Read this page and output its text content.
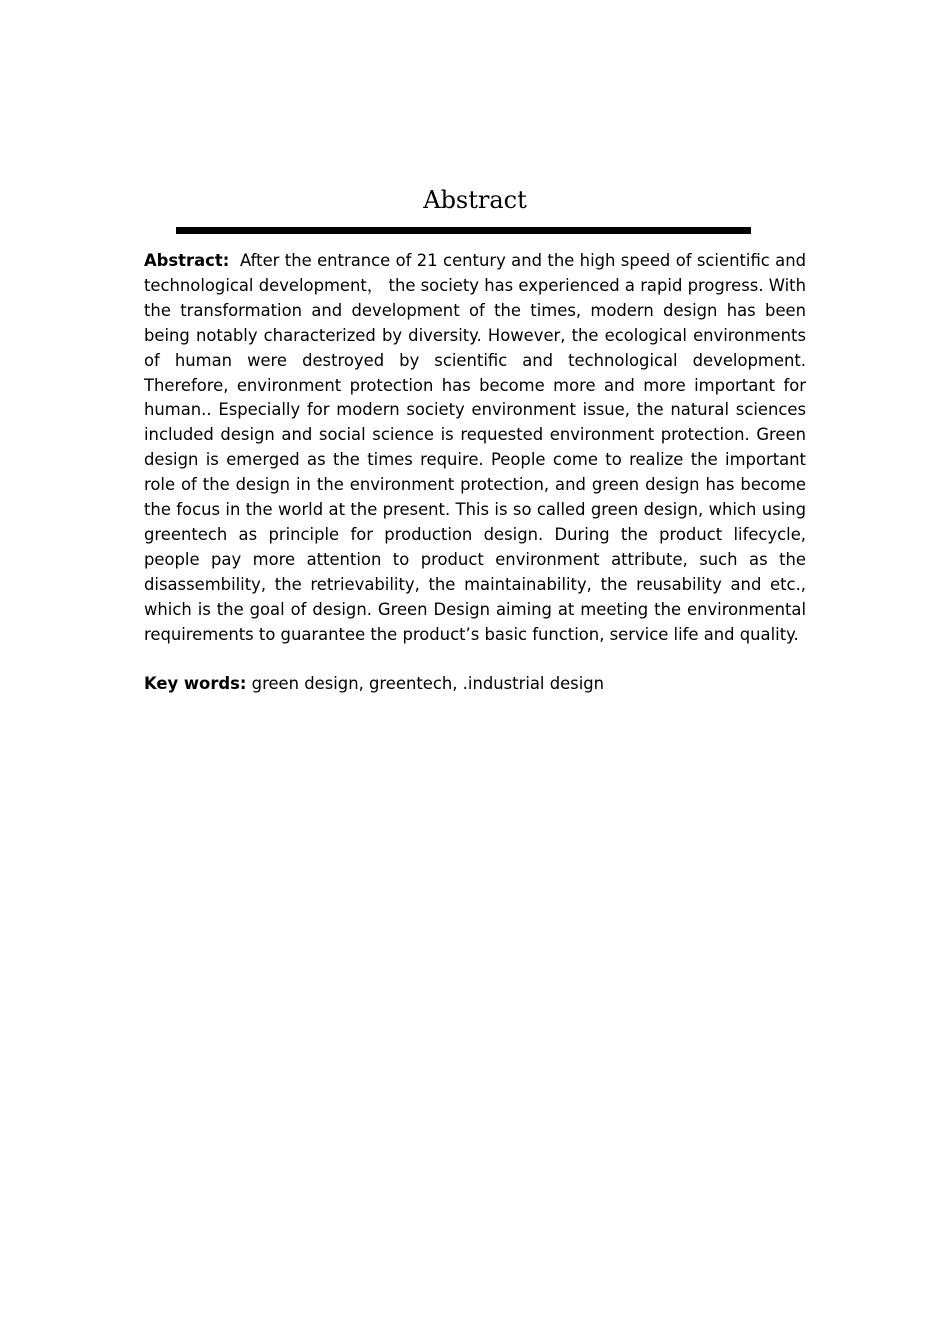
Abstract

Abstract: After the entrance of 21 century and the high speed of scientific and technological development， the society has experienced a rapid progress. With the transformation and development of the times, modern design has been being notably characterized by diversity. However, the ecological environments of human were destroyed by scientific and technological development. Therefore, environment protection has become more and more important for human.. Especially for modern society environment issue, the natural sciences included design and social science is requested environment protection. Green design is emerged as the times require. People come to realize the important role of the design in the environment protection, and green design has become the focus in the world at the present. This is so called green design, which using greentech as principle for production design. During the product lifecycle, people pay more attention to product environment attribute, such as the disassembility, the retrievability, the maintainability, the reusability and etc., which is the goal of design. Green Design aiming at meeting the environmental requirements to guarantee the product’s basic function, service life and quality.

Key words: green design, greentech, .industrial design
